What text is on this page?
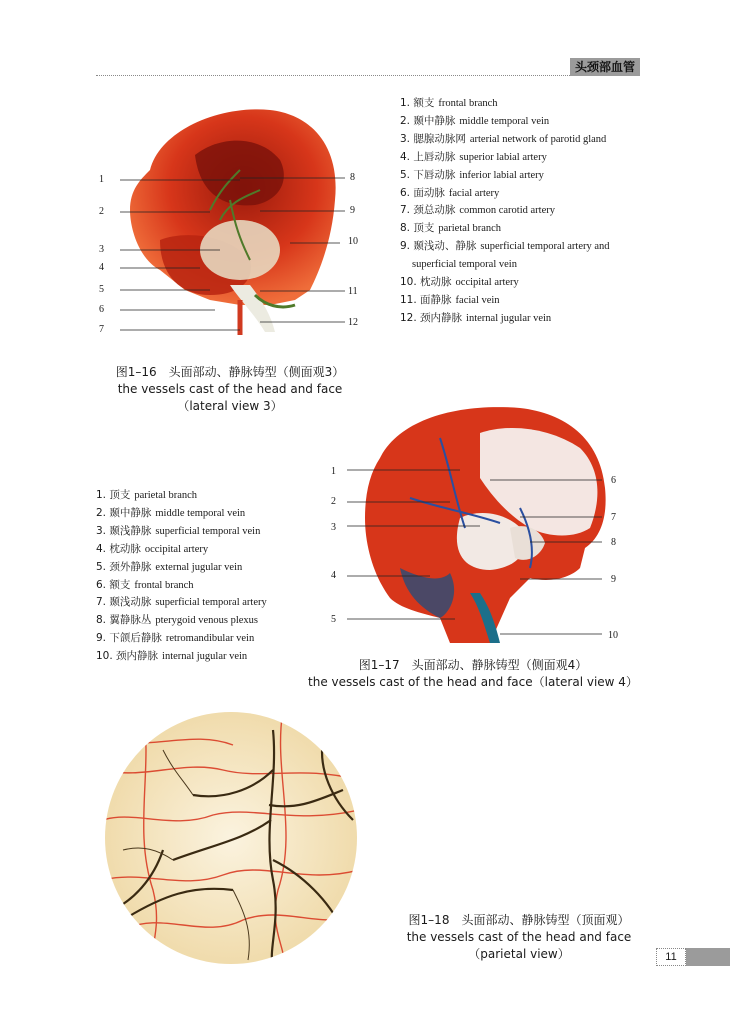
头颈部血管
1
2
3
4
5
6
7
8
9
10
11
12
1. 额支 frontal branch
2. 颞中静脉 middle temporal vein
3. 腮腺动脉网 arterial network of parotid gland
4. 上唇动脉 superior labial artery
5. 下唇动脉 inferior labial artery
6. 面动脉 facial artery
7. 颈总动脉 common carotid artery
8. 顶支 parietal branch
9. 颞浅动、静脉 superficial temporal artery and
superficial temporal vein
10. 枕动脉 occipital artery
11. 面静脉 facial vein
12. 颈内静脉 internal jugular vein
图1–16　头面部动、静脉铸型（侧面观3）
the vessels cast of the head and face
（lateral view 3）
1
2
3
4
5
6
7
8
9
10
1. 顶支 parietal branch
2. 颞中静脉 middle temporal vein
3. 颞浅静脉 superficial temporal vein
4. 枕动脉 occipital artery
5. 颈外静脉 external jugular vein
6. 额支 frontal branch
7. 颞浅动脉 superficial temporal artery
8. 翼静脉丛 pterygoid venous plexus
9. 下颌后静脉 retromandibular vein
10. 颈内静脉 internal jugular vein
图1–17　头面部动、静脉铸型（侧面观4）
the vessels cast of the head and face（lateral view 4）
图1–18　头面部动、静脉铸型（顶面观）
the vessels cast of the head and face
（parietal view）	11
